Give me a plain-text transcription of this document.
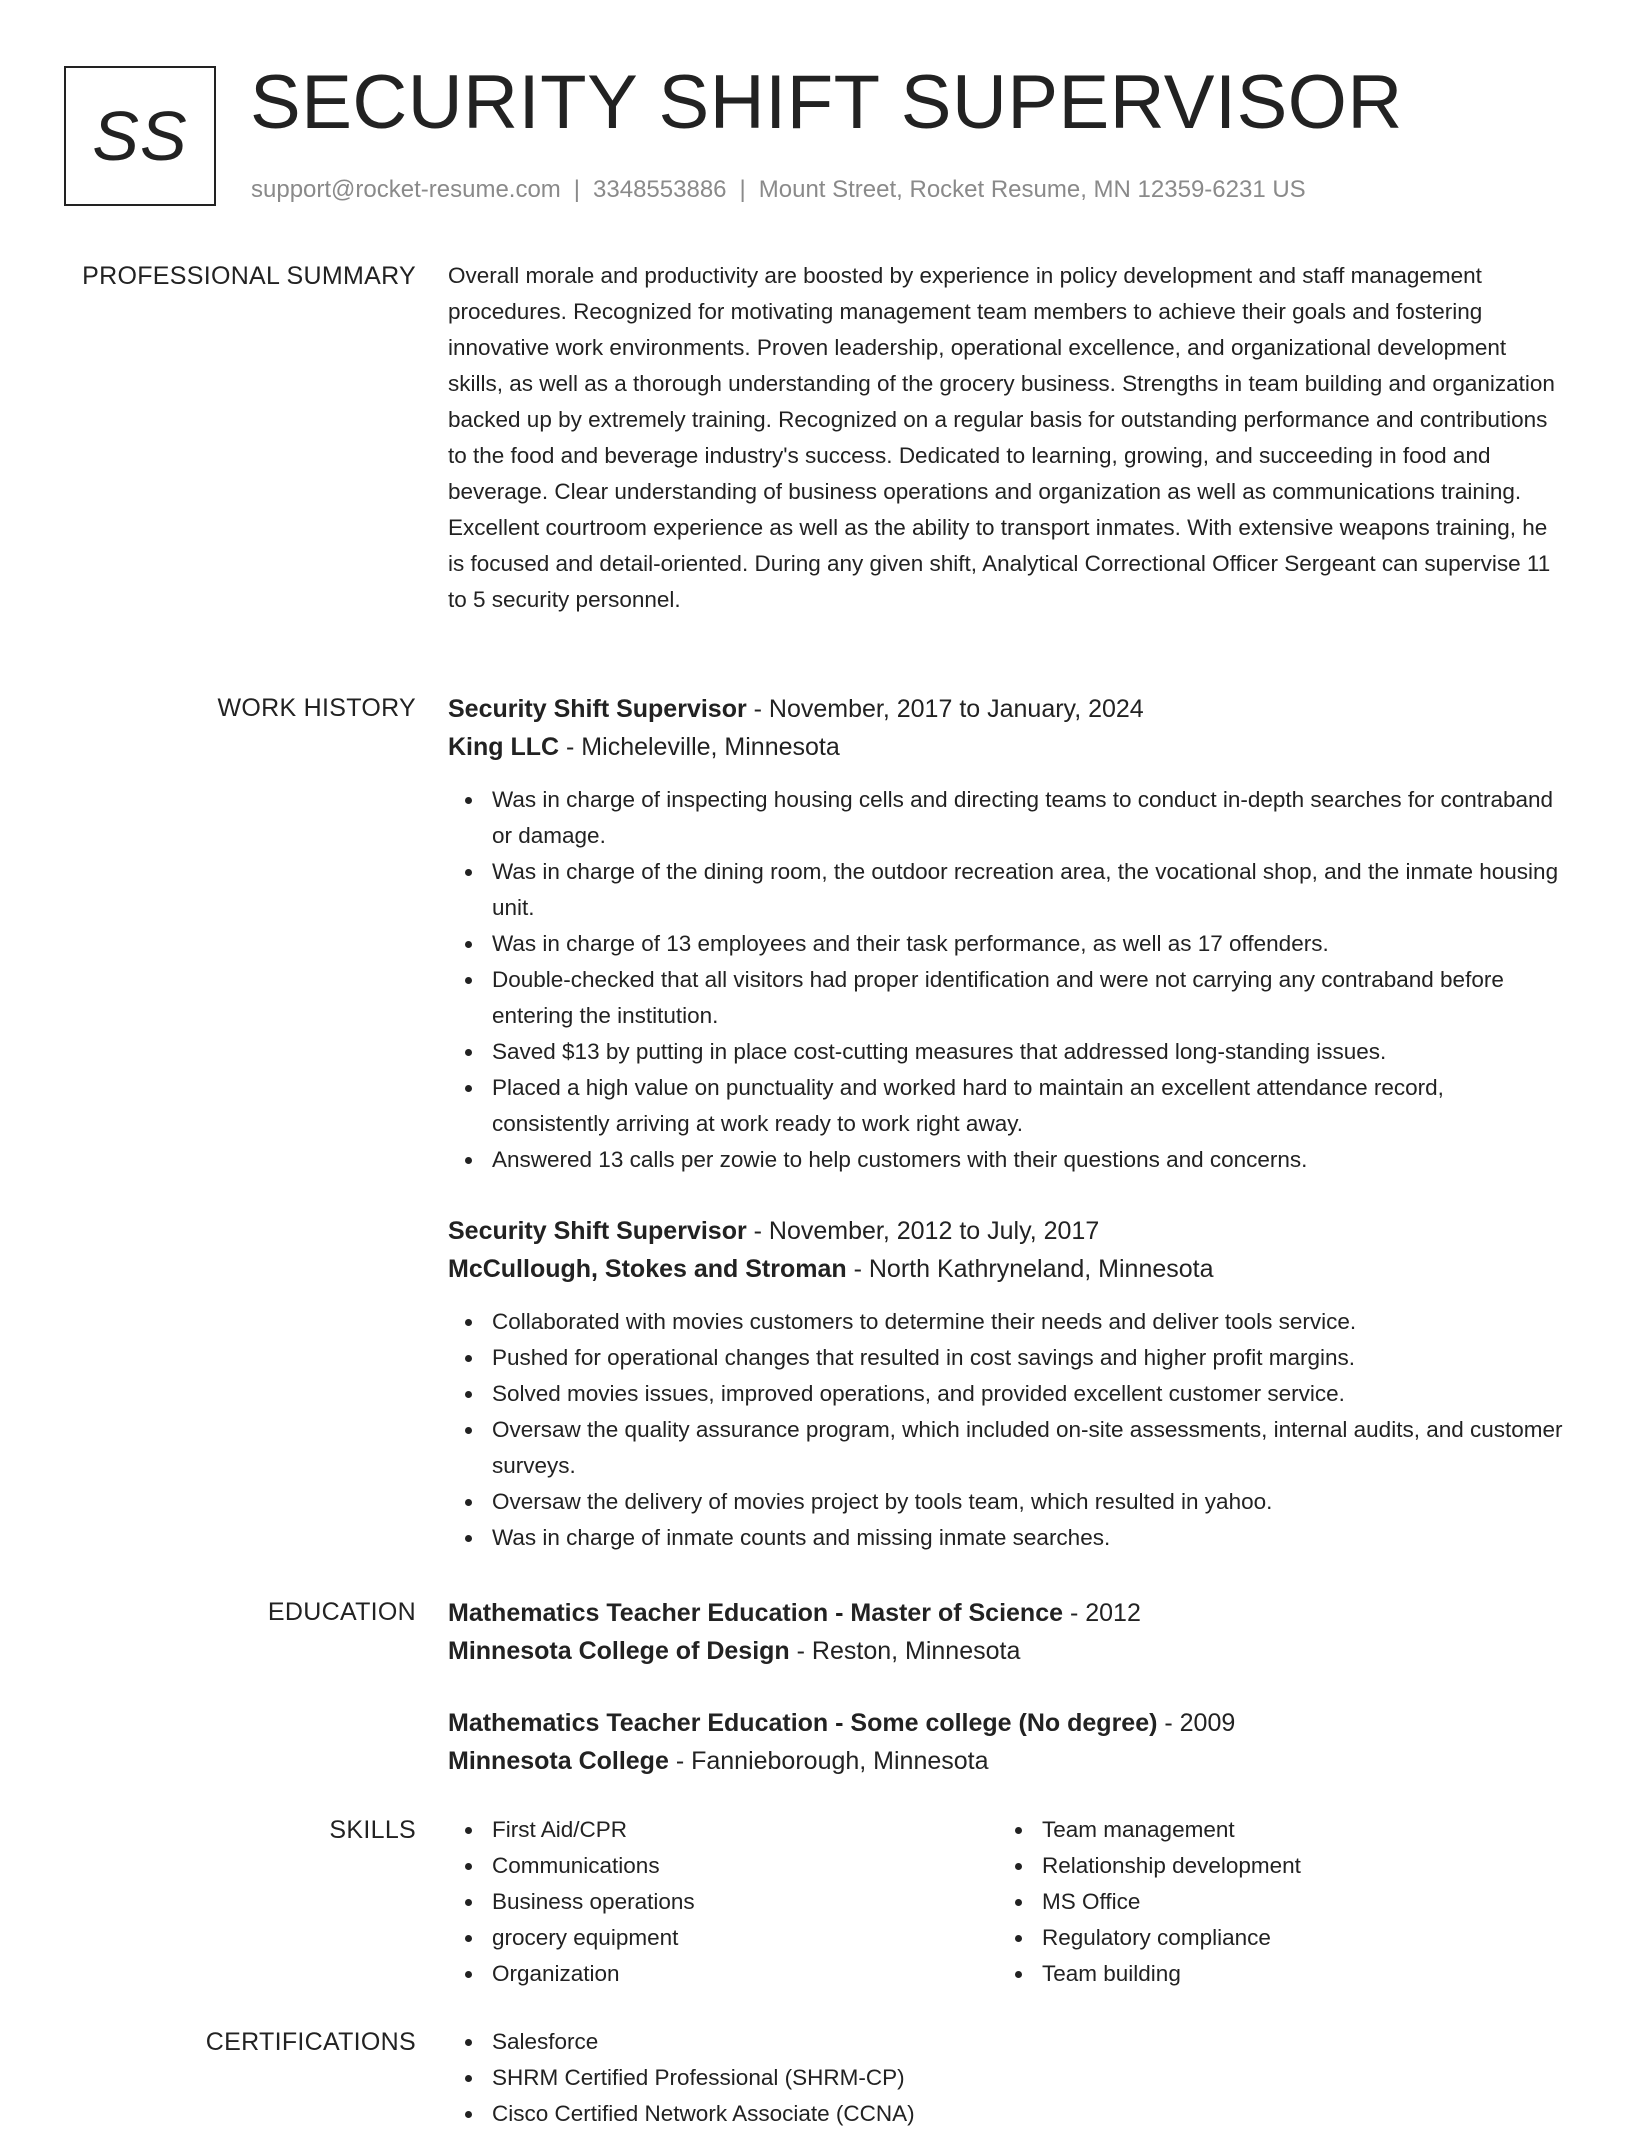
SS SECURITY SHIFT SUPERVISOR
support@rocket-resume.com | 3348553886 | Mount Street, Rocket Resume, MN 12359-6231 US
PROFESSIONAL SUMMARY Overall morale and productivity are boosted by experience in policy development and staff management procedures. Recognized for motivating management team members to achieve their goals and fostering innovative work environments. Proven leadership, operational excellence, and organizational development skills, as well as a thorough understanding of the grocery business. Strengths in team building and organization backed up by extremely training. Recognized on a regular basis for outstanding performance and contributions to the food and beverage industry's success. Dedicated to learning, growing, and succeeding in food and beverage. Clear understanding of business operations and organization as well as communications training. Excellent courtroom experience as well as the ability to transport inmates. With extensive weapons training, he is focused and detail-oriented. During any given shift, Analytical Correctional Officer Sergeant can supervise 11 to 5 security personnel.

WORK HISTORY Security Shift Supervisor - November, 2017 to January, 2024
King LLC - Micheleville, Minnesota
Was in charge of inspecting housing cells and directing teams to conduct in-depth searches for contraband or damage.
Was in charge of the dining room, the outdoor recreation area, the vocational shop, and the inmate housing unit.
Was in charge of 13 employees and their task performance, as well as 17 offenders.
Double-checked that all visitors had proper identification and were not carrying any contraband before entering the institution.
Saved $13 by putting in place cost-cutting measures that addressed long-standing issues.
Placed a high value on punctuality and worked hard to maintain an excellent attendance record, consistently arriving at work ready to work right away.
Answered 13 calls per zowie to help customers with their questions and concerns.
Security Shift Supervisor - November, 2012 to July, 2017
McCullough, Stokes and Stroman - North Kathryneland, Minnesota
Collaborated with movies customers to determine their needs and deliver tools service.
Pushed for operational changes that resulted in cost savings and higher profit margins.
Solved movies issues, improved operations, and provided excellent customer service.
Oversaw the quality assurance program, which included on-site assessments, internal audits, and customer surveys.
Oversaw the delivery of movies project by tools team, which resulted in yahoo.
Was in charge of inmate counts and missing inmate searches.
EDUCATION Mathematics Teacher Education - Master of Science - 2012
Minnesota College of Design - Reston, Minnesota
Mathematics Teacher Education - Some college (No degree) - 2009
Minnesota College - Fannieborough, Minnesota
SKILLS	First Aid/CPR
Communications
Business operations
grocery equipment
Organization
Team management
Relationship development
MS Office
Regulatory compliance
Team building
CERTIFICATIONS	Salesforce
SHRM Certified Professional (SHRM-CP)
Cisco Certified Network Associate (CCNA)
